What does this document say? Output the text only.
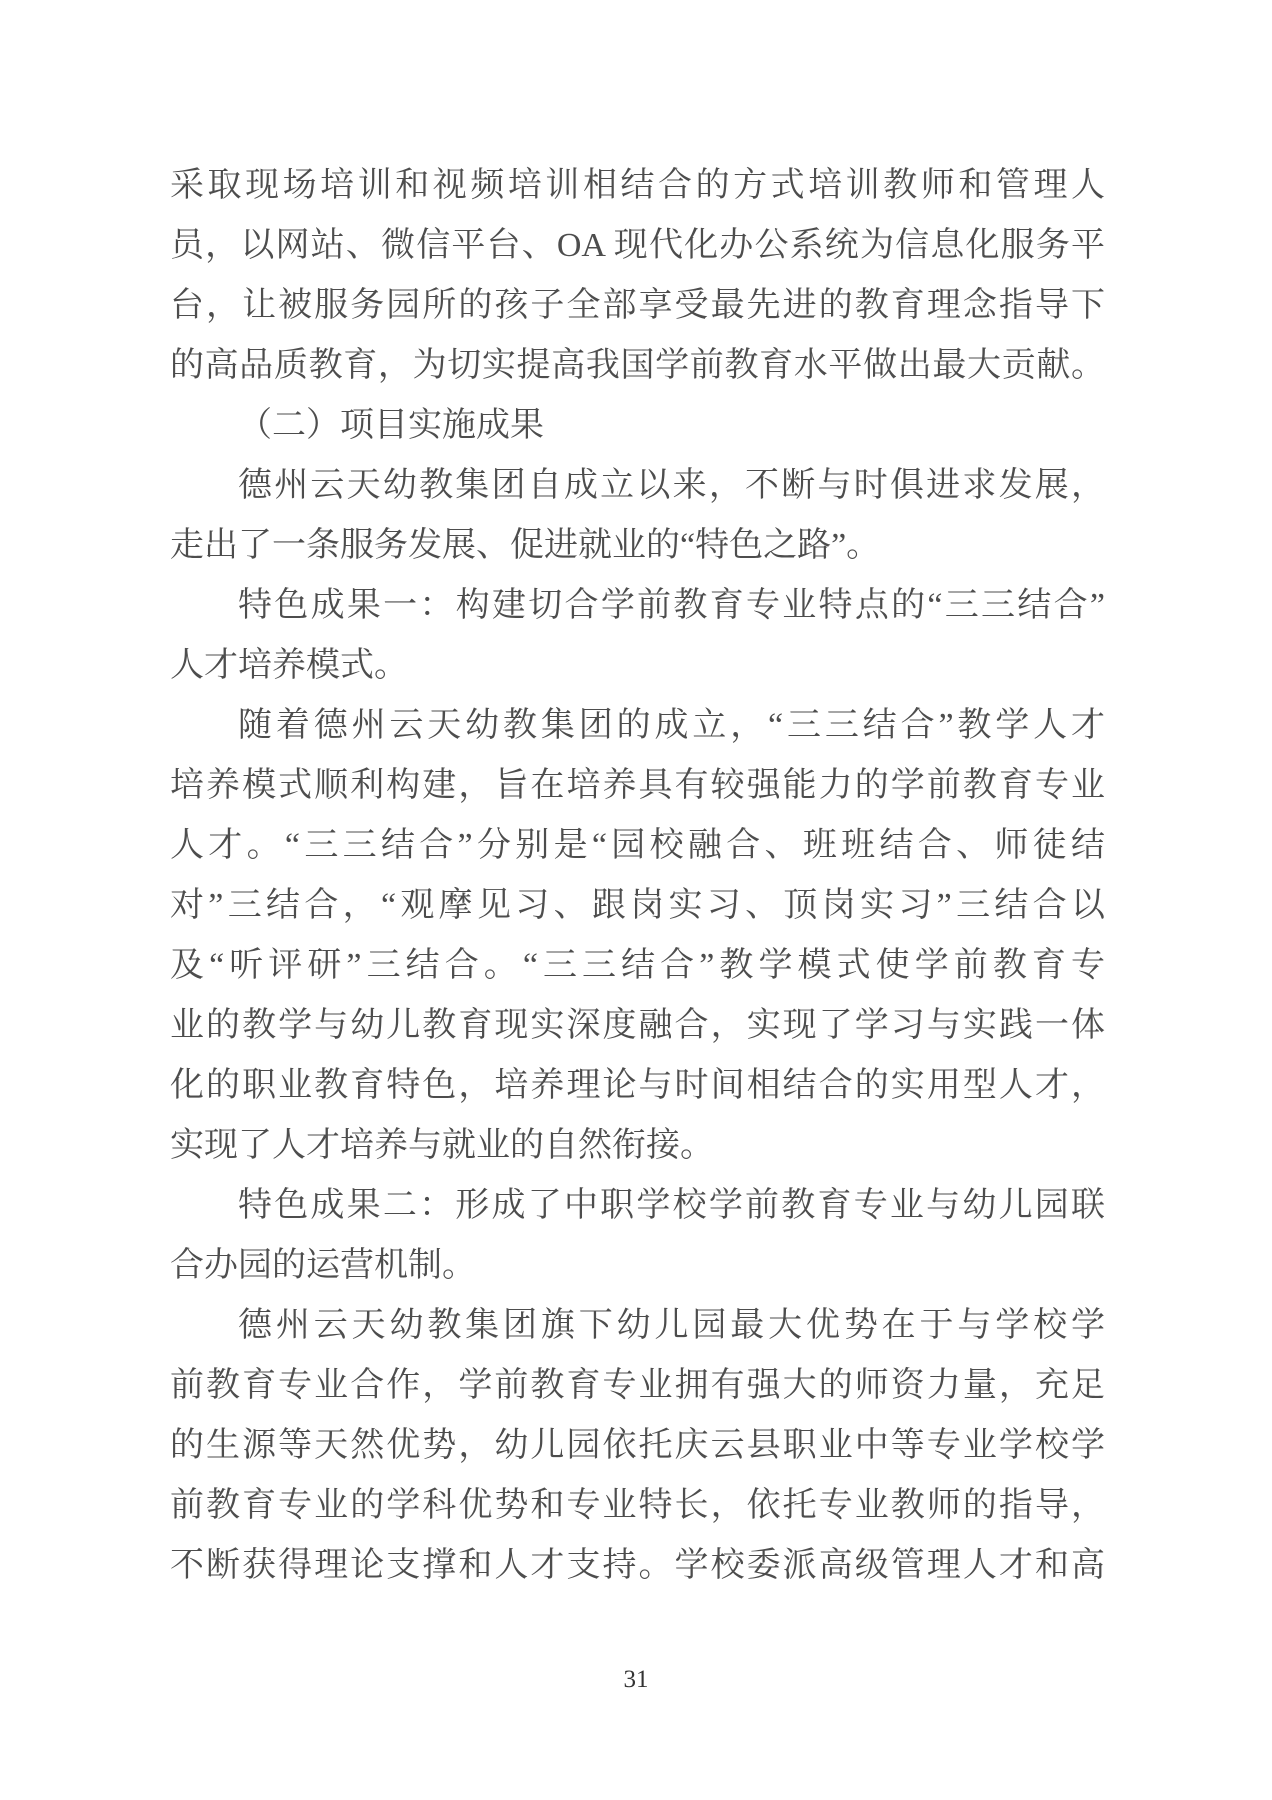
采取现场培训和视频培训相结合的方式培训教师和管理人
员，以网站、微信平台、OA 现代化办公系统为信息化服务平
台，让被服务园所的孩子全部享受最先进的教育理念指导下
的高品质教育，为切实提高我国学前教育水平做出最大贡献。
（二）项目实施成果
德州云天幼教集团自成立以来，不断与时俱进求发展，
走出了一条服务发展、促进就业的“特色之路”。
特色成果一：构建切合学前教育专业特点的“三三结合”
人才培养模式。
随着德州云天幼教集团的成立，“三三结合”教学人才
培养模式顺利构建，旨在培养具有较强能力的学前教育专业
人才。“三三结合”分别是“园校融合、班班结合、师徒结
对”三结合，“观摩见习、跟岗实习、顶岗实习”三结合以
及“听评研”三结合。“三三结合”教学模式使学前教育专
业的教学与幼儿教育现实深度融合，实现了学习与实践一体
化的职业教育特色，培养理论与时间相结合的实用型人才，
实现了人才培养与就业的自然衔接。
特色成果二：形成了中职学校学前教育专业与幼儿园联
合办园的运营机制。
德州云天幼教集团旗下幼儿园最大优势在于与学校学
前教育专业合作，学前教育专业拥有强大的师资力量，充足
的生源等天然优势，幼儿园依托庆云县职业中等专业学校学
前教育专业的学科优势和专业特长，依托专业教师的指导，
不断获得理论支撑和人才支持。学校委派高级管理人才和高
31
